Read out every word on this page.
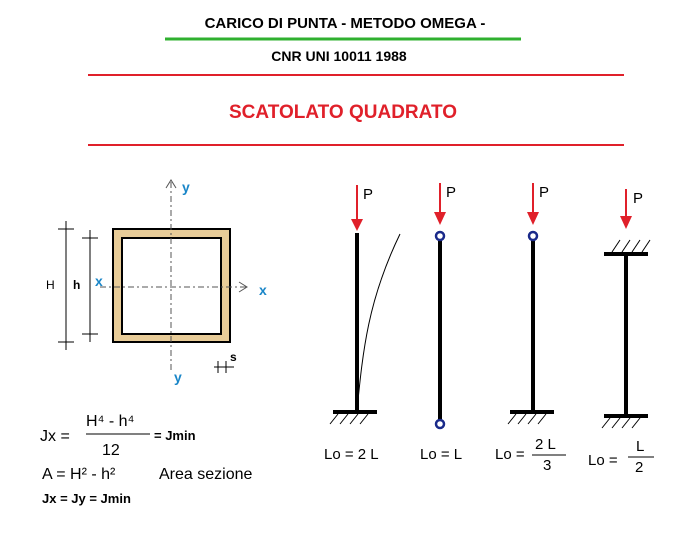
CARICO DI PUNTA - METODO OMEGA -
CNR UNI 10011 1988
SCATOLATO QUADRATO
y
y
x
x
H h
s
Jx =
H⁴ - h⁴
12
= Jmin
A = H² - h²	Area sezione
Jx = Jy = Jmin
P
Lo = 2 L
P
Lo = L
P
Lo =
2 L
3
P
Lo =
L
2
